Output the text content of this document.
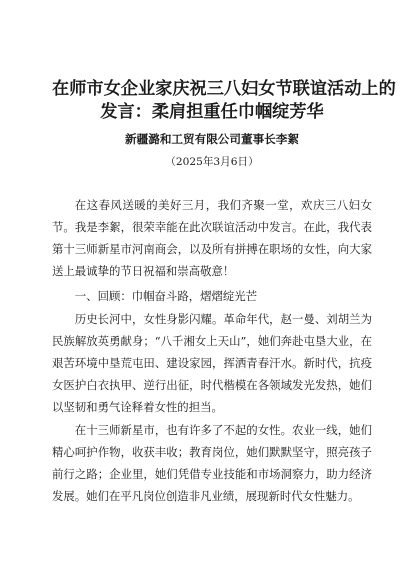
在师市女企业家庆祝三八妇女节联谊活动上的
发言：柔肩担重任巾帼绽芳华
新疆潞和工贸有限公司董事长李絮
（2025年3月6日）

在这春风送暖的美好三月，我们齐聚一堂，欢庆三八妇女节。我是李絮，很荣幸能在此次联谊活动中发言。在此，我代表第十三师新星市河南商会，以及所有拼搏在职场的女性，向大家送上最诚挚的节日祝福和崇高敬意！

一、回顾：巾帼奋斗路，熠熠绽光芒

历史长河中，女性身影闪耀。革命年代，赵一曼、刘胡兰为民族解放英勇献身；“八千湘女上天山”，她们奔赴屯垦大业，在艰苦环境中垦荒屯田、建设家园，挥洒青春汗水。新时代，抗疫女医护白衣执甲、逆行出征，时代楷模在各领域发光发热，她们以坚韧和勇气诠释着女性的担当。

在十三师新星市，也有许多了不起的女性。农业一线，她们精心呵护作物，收获丰收；教育岗位，她们默默坚守，照亮孩子前行之路；企业里，她们凭借专业技能和市场洞察力，助力经济发展。她们在平凡岗位创造非凡业绩，展现新时代女性魅力。
